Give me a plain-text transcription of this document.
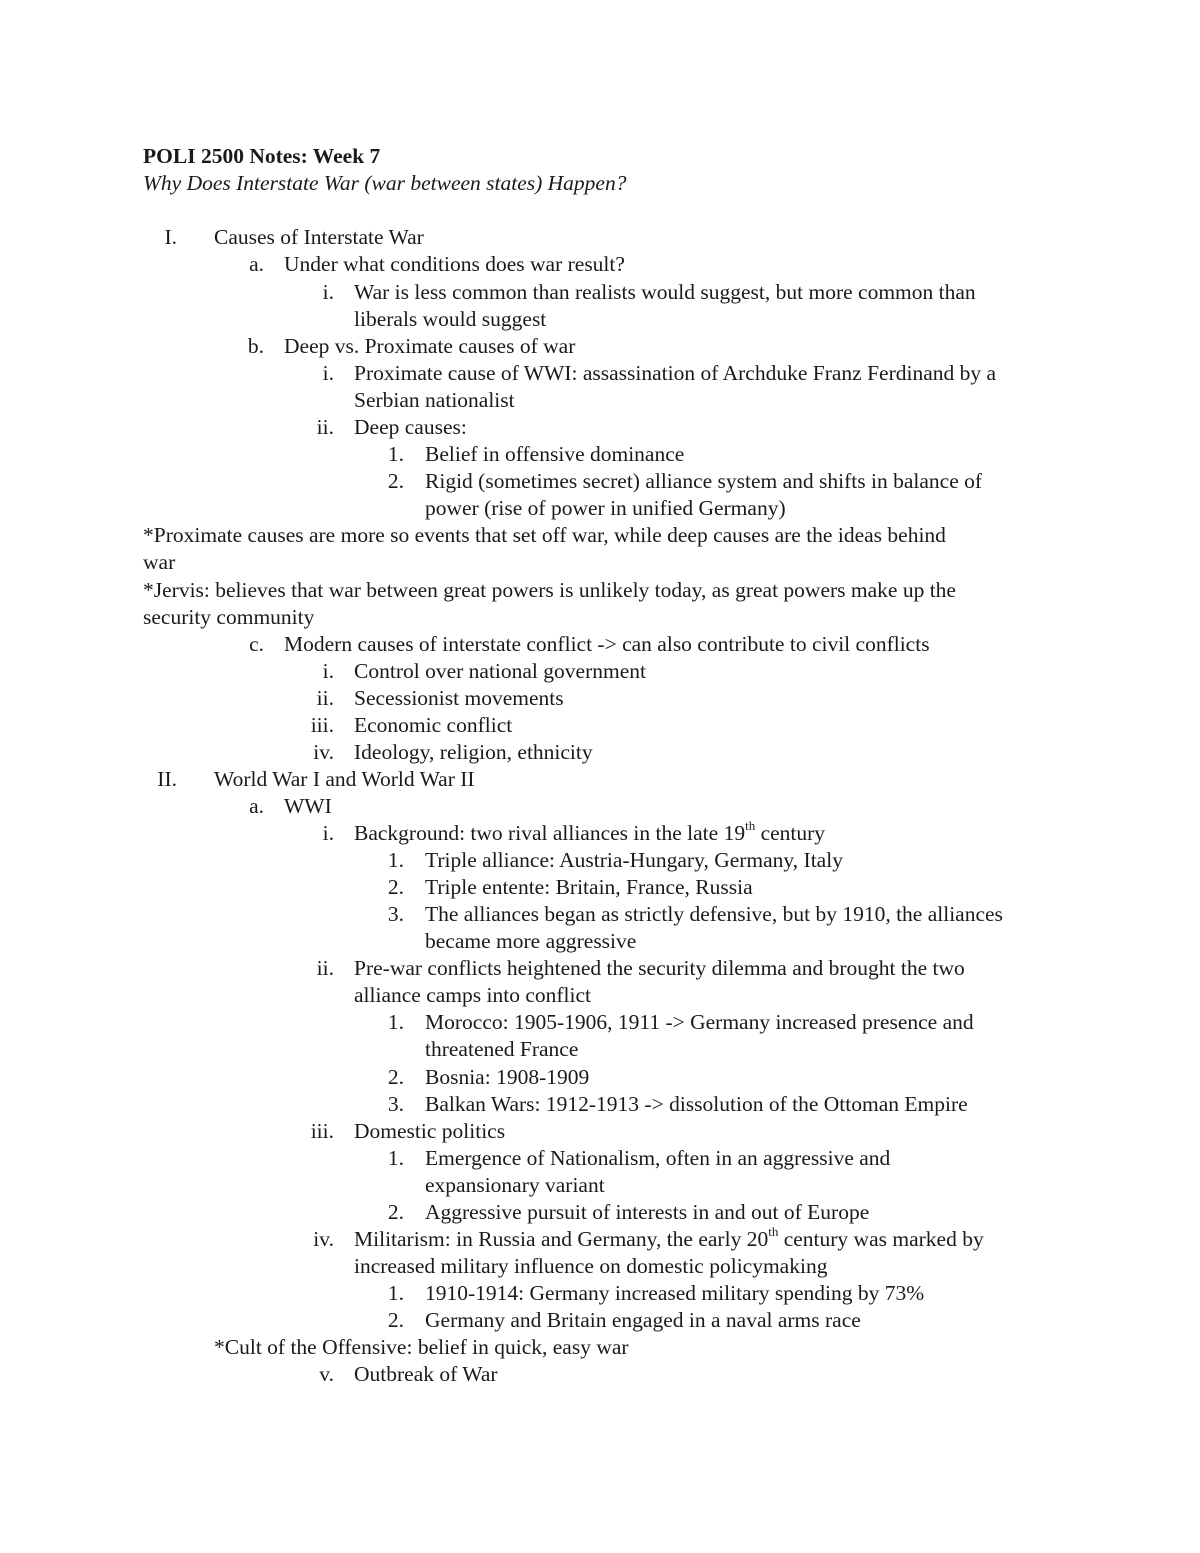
POLI 2500 Notes: Week 7
Why Does Interstate War (war between states) Happen?
I. Causes of Interstate War
a. Under what conditions does war result?
i. War is less common than realists would suggest, but more common than
liberals would suggest
b. Deep vs. Proximate causes of war
i. Proximate cause of WWI: assassination of Archduke Franz Ferdinand by a
Serbian nationalist
ii. Deep causes:
1. Belief in offensive dominance
2. Rigid (sometimes secret) alliance system and shifts in balance of
power (rise of power in unified Germany)
*Proximate causes are more so events that set off war, while deep causes are the ideas behind
war
*Jervis: believes that war between great powers is unlikely today, as great powers make up the
security community
c. Modern causes of interstate conflict -> can also contribute to civil conflicts
i. Control over national government
ii. Secessionist movements
iii. Economic conflict
iv. Ideology, religion, ethnicity
II. World War I and World War II
a. WWI
i. Background: two rival alliances in the late 19th century
1. Triple alliance: Austria-Hungary, Germany, Italy
2. Triple entente: Britain, France, Russia
3. The alliances began as strictly defensive, but by 1910, the alliances
became more aggressive
ii. Pre-war conflicts heightened the security dilemma and brought the two
alliance camps into conflict
1. Morocco: 1905-1906, 1911 -> Germany increased presence and
threatened France
2. Bosnia: 1908-1909
3. Balkan Wars: 1912-1913 -> dissolution of the Ottoman Empire
iii. Domestic politics
1. Emergence of Nationalism, often in an aggressive and
expansionary variant
2. Aggressive pursuit of interests in and out of Europe
iv. Militarism: in Russia and Germany, the early 20th century was marked by
increased military influence on domestic policymaking
1. 1910-1914: Germany increased military spending by 73%
2. Germany and Britain engaged in a naval arms race
*Cult of the Offensive: belief in quick, easy war
v. Outbreak of War
